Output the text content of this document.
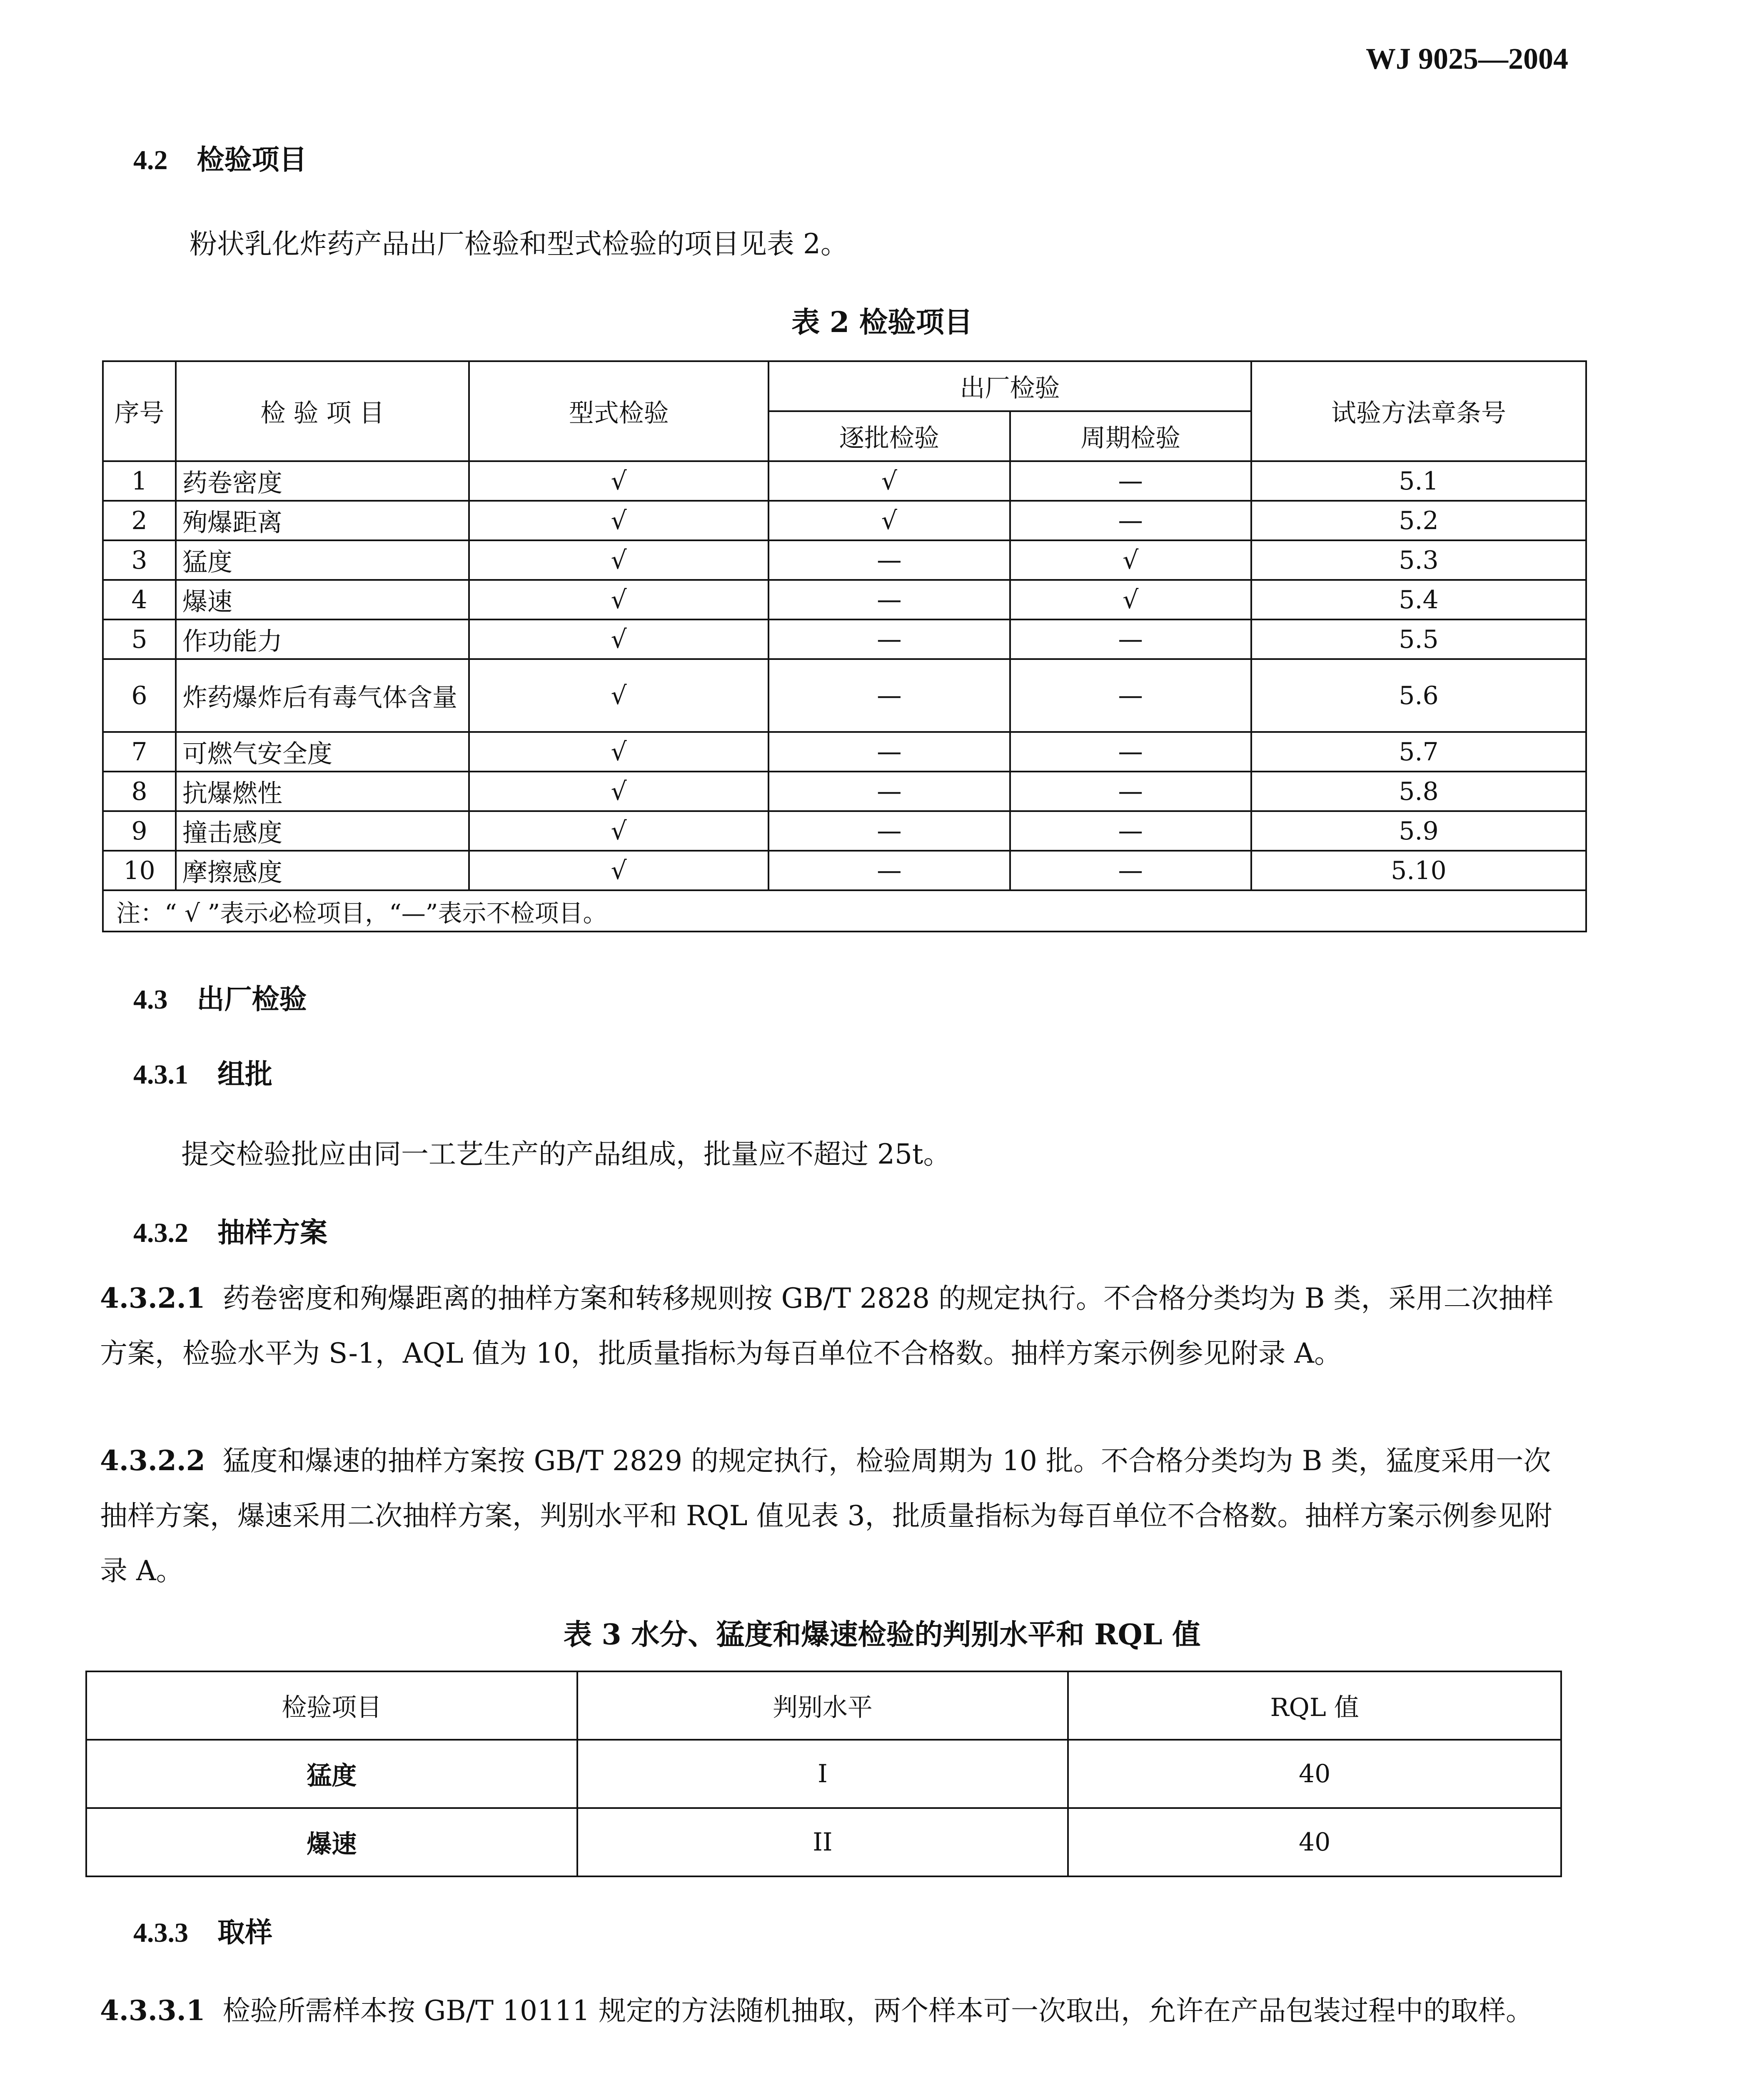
WJ 9025—2004
4.2 检验项目
粉状乳化炸药产品出厂检验和型式检验的项目见表 2。
表 2 检验项目
序号	检 验 项 目	型式检验	出厂检验		试验方法章条号
			逐批检验	周期检验	
1	药卷密度	√	√	—	5.1
2	殉爆距离	√	√	—	5.2
3	猛度	√	—	√	5.3
4	爆速	√	—	√	5.4
5	作功能力	√	—	—	5.5
6	炸药爆炸后有毒气体含量	√	—	—	5.6
7	可燃气安全度	√	—	—	5.7
8	抗爆燃性	√	—	—	5.8
9	撞击感度	√	—	—	5.9
10	摩擦感度	√	—	—	5.10
注：“ √ ”表示必检项目，“—”表示不检项目。					
4.3 出厂检验
4.3.1 组批
提交检验批应由同一工艺生产的产品组成，批量应不超过 25t。
4.3.2 抽样方案
4.3.2.1 药卷密度和殉爆距离的抽样方案和转移规则按 GB/T 2828 的规定执行。不合格分类均为 B 类，采用二次抽样方案，检验水平为 S-1，AQL 值为 10，批质量指标为每百单位不合格数。抽样方案示例参见附录 A。
4.3.2.2 猛度和爆速的抽样方案按 GB/T 2829 的规定执行，检验周期为 10 批。不合格分类均为 B 类，猛度采用一次抽样方案，爆速采用二次抽样方案，判别水平和 RQL 值见表 3，批质量指标为每百单位不合格数。抽样方案示例参见附录 A。
表 3 水分、猛度和爆速检验的判别水平和 RQL 值
检验项目	判别水平	RQL 值
猛度	I	40
爆速	II	40
4.3.3 取样
4.3.3.1 检验所需样本按 GB/T 10111 规定的方法随机抽取，两个样本可一次取出，允许在产品包装过程中的取样。
